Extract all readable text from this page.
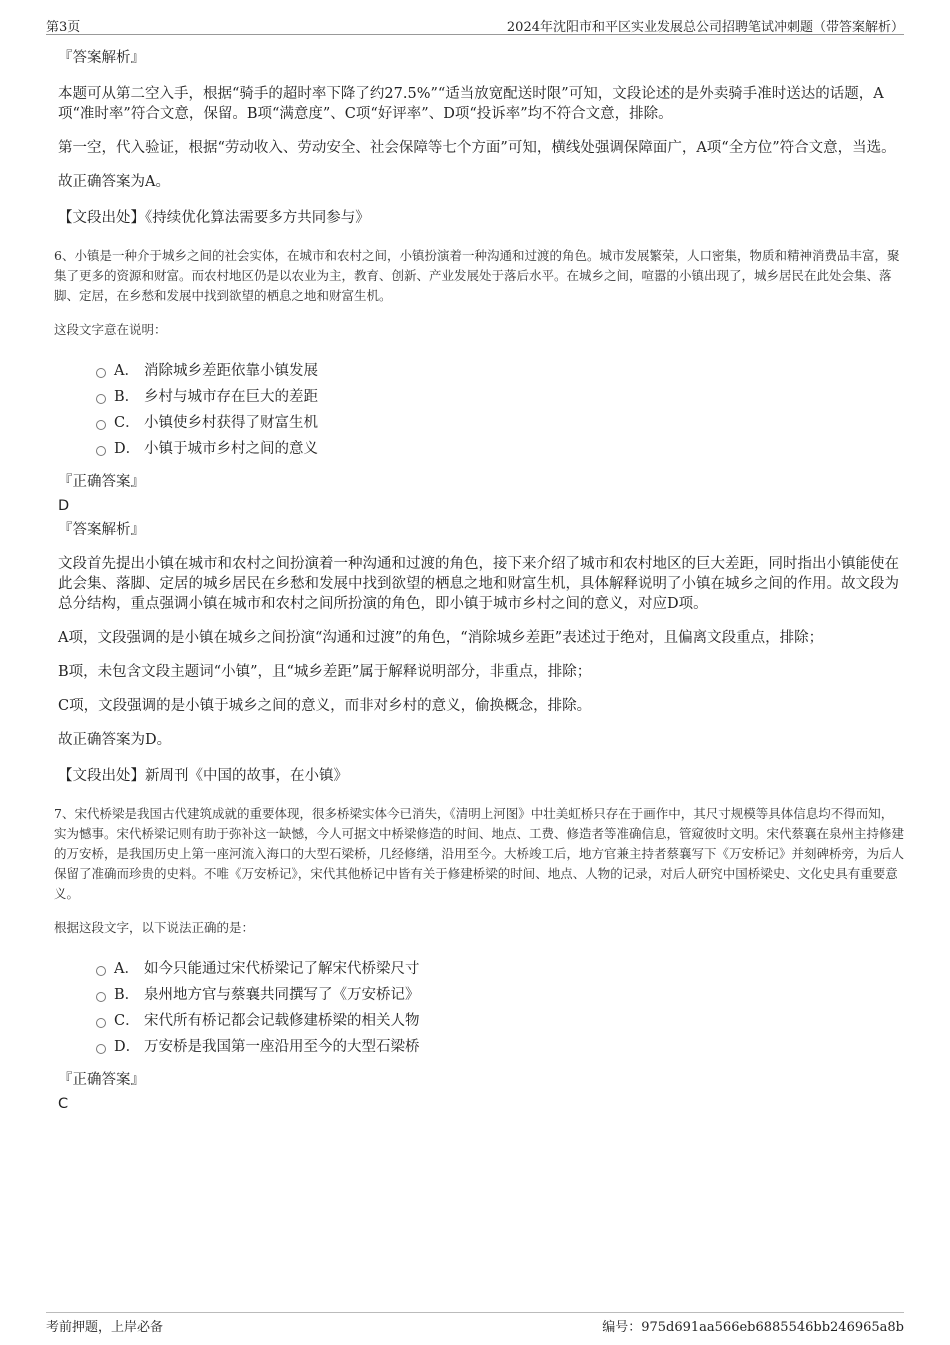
第3页	2024年沈阳市和平区实业发展总公司招聘笔试冲刺题（带答案解析）
『答案解析』
本题可从第二空入手，根据“骑手的超时率下降了约27.5%”“适当放宽配送时限”可知，文段论述的是外卖骑手准时送达的话题，A项“准时率”符合文意，保留。B项“满意度”、C项“好评率”、D项“投诉率”均不符合文意，排除。
第一空，代入验证，根据“劳动收入、劳动安全、社会保障等七个方面”可知，横线处强调保障面广，A项“全方位”符合文意，当选。
故正确答案为A。
【文段出处】《持续优化算法需要多方共同参与》
6、小镇是一种介于城乡之间的社会实体，在城市和农村之间，小镇扮演着一种沟通和过渡的角色。城市发展繁荣，人口密集，物质和精神消费品丰富，聚集了更多的资源和财富。而农村地区仍是以农业为主，教育、创新、产业发展处于落后水平。在城乡之间，喧嚣的小镇出现了，城乡居民在此处会集、落脚、定居，在乡愁和发展中找到欲望的栖息之地和财富生机。
这段文字意在说明：
A． 消除城乡差距依靠小镇发展
B． 乡村与城市存在巨大的差距
C． 小镇使乡村获得了财富生机
D． 小镇于城市乡村之间的意义
『正确答案』
D
『答案解析』
文段首先提出小镇在城市和农村之间扮演着一种沟通和过渡的角色，接下来介绍了城市和农村地区的巨大差距，同时指出小镇能使在此会集、落脚、定居的城乡居民在乡愁和发展中找到欲望的栖息之地和财富生机，具体解释说明了小镇在城乡之间的作用。故文段为总分结构，重点强调小镇在城市和农村之间所扮演的角色，即小镇于城市乡村之间的意义，对应D项。
A项，文段强调的是小镇在城乡之间扮演“沟通和过渡”的角色，“消除城乡差距”表述过于绝对，且偏离文段重点，排除；
B项，未包含文段主题词“小镇”，且“城乡差距”属于解释说明部分，非重点，排除；
C项，文段强调的是小镇于城乡之间的意义，而非对乡村的意义，偷换概念，排除。
故正确答案为D。
【文段出处】新周刊《中国的故事，在小镇》
7、宋代桥梁是我国古代建筑成就的重要体现，很多桥梁实体今已消失，《清明上河图》中壮美虹桥只存在于画作中，其尺寸规模等具体信息均不得而知，实为憾事。宋代桥梁记则有助于弥补这一缺憾，今人可据文中桥梁修造的时间、地点、工费、修造者等准确信息，管窥彼时文明。宋代蔡襄在泉州主持修建的万安桥，是我国历史上第一座河流入海口的大型石梁桥，几经修缮，沿用至今。大桥竣工后，地方官兼主持者蔡襄写下《万安桥记》并刻碑桥旁，为后人保留了准确而珍贵的史料。不唯《万安桥记》，宋代其他桥记中皆有关于修建桥梁的时间、地点、人物的记录，对后人研究中国桥梁史、文化史具有重要意义。
根据这段文字，以下说法正确的是：
A． 如今只能通过宋代桥梁记了解宋代桥梁尺寸
B． 泉州地方官与蔡襄共同撰写了《万安桥记》
C． 宋代所有桥记都会记载修建桥梁的相关人物
D． 万安桥是我国第一座沿用至今的大型石梁桥
『正确答案』
C
考前押题，上岸必备	编号：975d691aa566eb6885546bb246965a8b
